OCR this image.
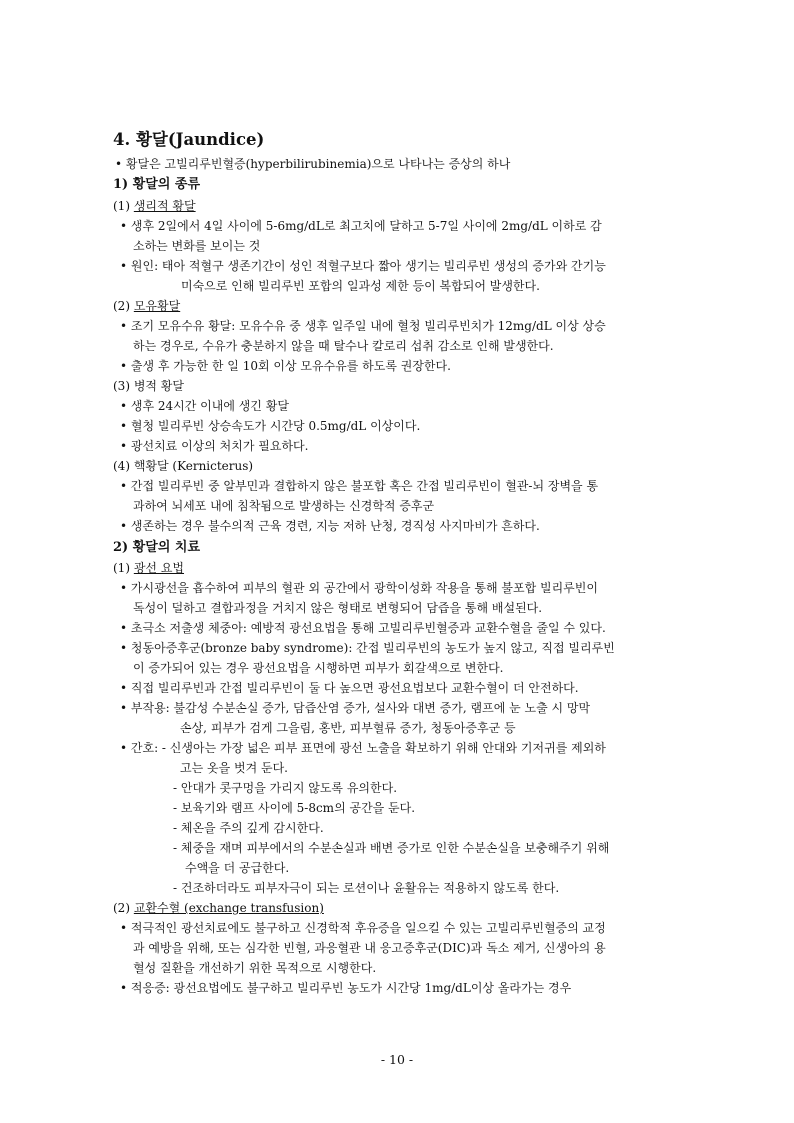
4. 황달(Jaundice)
• 황달은 고빌리루빈혈증(hyperbilirubinemia)으로 나타나는 증상의 하나
1) 황달의 종류
(1) 생리적 황달
• 생후 2일에서 4일 사이에 5-6mg/dL로 최고치에 달하고 5-7일 사이에 2mg/dL 이하로 감
소하는 변화를 보이는 것
• 원인: 태아 적혈구 생존기간이 성인 적혈구보다 짧아 생기는 빌리루빈 생성의 증가와 간기능
미숙으로 인해 빌리루빈 포합의 일과성 제한 등이 복합되어 발생한다.
(2) 모유황달
• 조기 모유수유 황달: 모유수유 중 생후 일주일 내에 혈청 빌리루빈치가 12mg/dL 이상 상승
하는 경우로, 수유가 충분하지 않을 때 탈수나 칼로리 섭취 감소로 인해 발생한다.
• 출생 후 가능한 한 일 10회 이상 모유수유를 하도록 권장한다.
(3) 병적 황달
• 생후 24시간 이내에 생긴 황달
• 혈청 빌리루빈 상승속도가 시간당 0.5mg/dL 이상이다.
• 광선치료 이상의 처치가 필요하다.
(4) 핵황달 (Kernicterus)
• 간접 빌리루빈 중 알부민과 결합하지 않은 불포합 혹은 간접 빌리루빈이 혈관-뇌 장벽을 통
과하여 뇌세포 내에 침착됨으로 발생하는 신경학적 증후군
• 생존하는 경우 불수의적 근육 경련, 지능 저하 난청, 경직성 사지마비가 흔하다.
2) 황달의 치료
(1) 광선 요법
• 가시광선을 흡수하여 피부의 혈관 외 공간에서 광학이성화 작용을 통해 불포합 빌리루빈이
독성이 덜하고 결합과정을 거치지 않은 형태로 변형되어 담즙을 통해 배설된다.
• 초극소 저출생 체중아: 예방적 광선요법을 통해 고빌리루빈혈증과 교환수혈을 줄일 수 있다.
• 청동아증후군(bronze baby syndrome): 간접 빌리루빈의 농도가 높지 않고, 직접 빌리루빈
이 증가되어 있는 경우 광선요법을 시행하면 피부가 회갈색으로 변한다.
• 직접 빌리루빈과 간접 빌리루빈이 둘 다 높으면 광선요법보다 교환수혈이 더 안전하다.
• 부작용: 불감성 수분손실 증가, 담즙산염 증가, 설사와 대변 증가, 램프에 눈 노출 시 망막
손상, 피부가 검게 그을림, 홍반, 피부혈류 증가, 청동아증후군 등
• 간호: - 신생아는 가장 넓은 피부 표면에 광선 노출을 확보하기 위해 안대와 기저귀를 제외하
고는 옷을 벗겨 둔다.
- 안대가 콧구멍을 가리지 않도록 유의한다.
- 보육기와 램프 사이에 5-8cm의 공간을 둔다.
- 체온을 주의 깊게 감시한다.
- 체중을 재며 피부에서의 수분손실과 배변 증가로 인한 수분손실을 보충해주기 위해
수액을 더 공급한다.
- 건조하더라도 피부자극이 되는 로션이나 윤활유는 적용하지 않도록 한다.
(2) 교환수혈 (exchange transfusion)
• 적극적인 광선치료에도 불구하고 신경학적 후유증을 일으킬 수 있는 고빌리루빈혈증의 교정
과 예방을 위해, 또는 심각한 빈혈, 과응혈관 내 응고증후군(DIC)과 독소 제거, 신생아의 용
혈성 질환을 개선하기 위한 목적으로 시행한다.
• 적응증: 광선요법에도 불구하고 빌리루빈 농도가 시간당 1mg/dL이상 올라가는 경우
- 10 -
